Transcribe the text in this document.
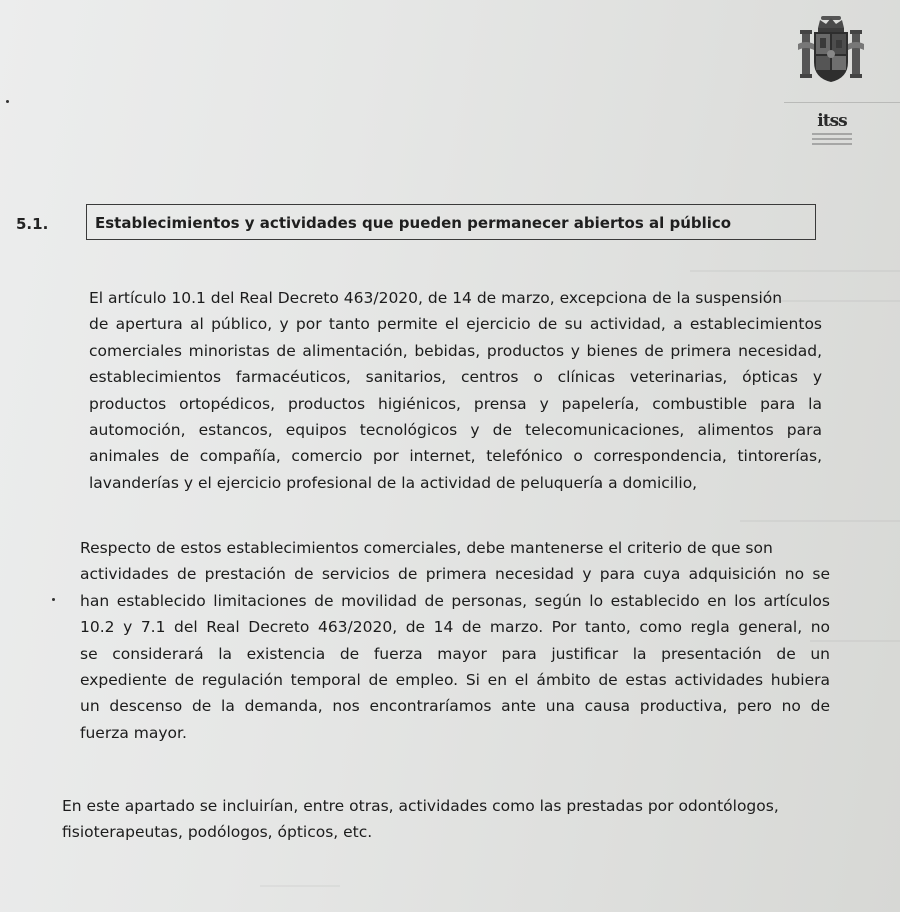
itss
5.1.	Establecimientos y actividades que pueden permanecer abiertos al público
El artículo 10.1 del Real Decreto 463/2020, de 14 de marzo, excepciona de la suspensión
de apertura al público, y por tanto permite el ejercicio de su actividad, a establecimientos
comerciales minoristas de alimentación, bebidas, productos y bienes de primera necesidad,
establecimientos farmacéuticos, sanitarios, centros o clínicas veterinarias, ópticas y
productos ortopédicos, productos higiénicos, prensa y papelería, combustible para la
automoción, estancos, equipos tecnológicos y de telecomunicaciones, alimentos para
animales de compañía, comercio por internet, telefónico o correspondencia, tintorerías,
lavanderías y el ejercicio profesional de la actividad de peluquería a domicilio,
Respecto de estos establecimientos comerciales, debe mantenerse el criterio de que son
actividades de prestación de servicios de primera necesidad y para cuya adquisición no se
han establecido limitaciones de movilidad de personas, según lo establecido en los artículos
10.2 y 7.1 del Real Decreto 463/2020, de 14 de marzo. Por tanto, como regla general, no
se considerará la existencia de fuerza mayor para justificar la presentación de un
expediente de regulación temporal de empleo. Si en el ámbito de estas actividades hubiera
un descenso de la demanda, nos encontraríamos ante una causa productiva, pero no de
fuerza mayor.
En este apartado se incluirían, entre otras, actividades como las prestadas por odontólogos,
fisioterapeutas, podólogos, ópticos, etc.
